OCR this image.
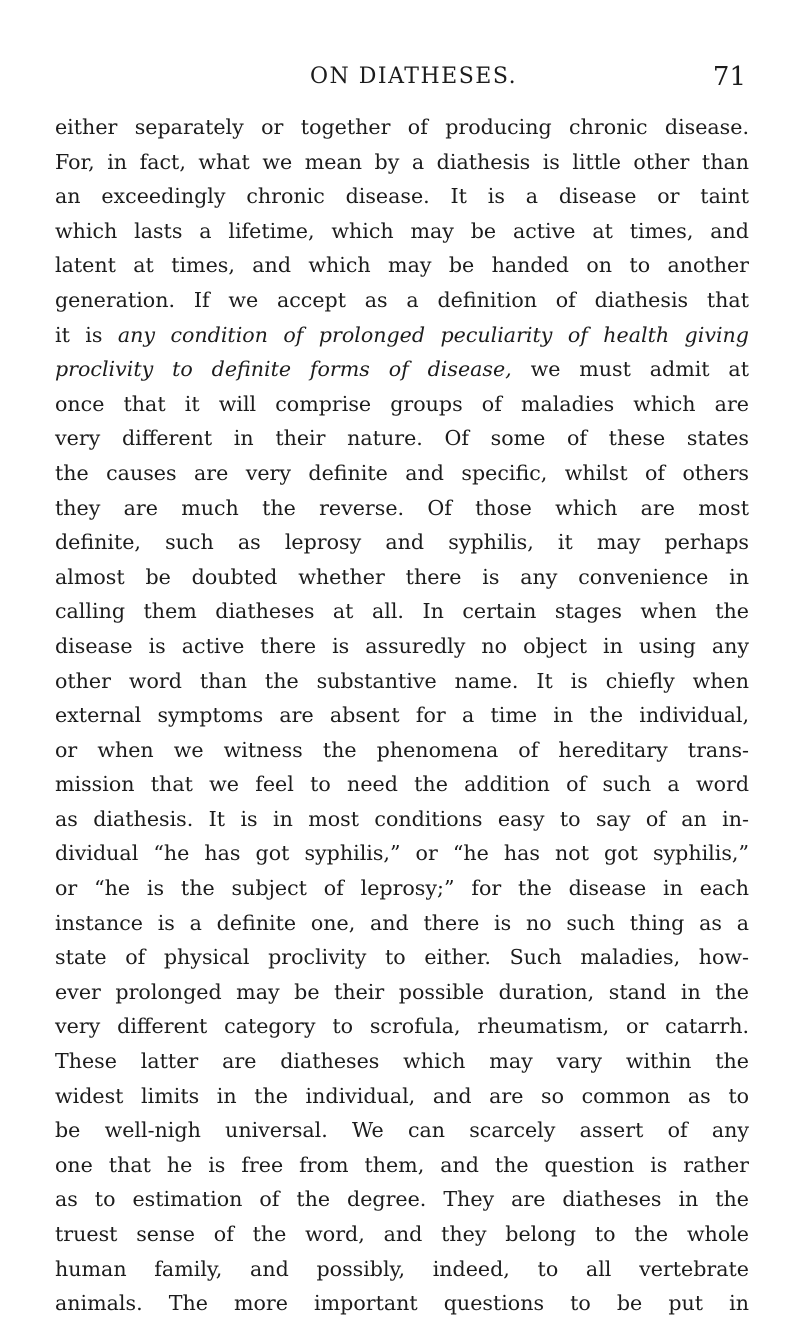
ON DIATHESES.	71
either separately or together of producing chronic disease.
For, in fact, what we mean by a diathesis is little other than
an exceedingly chronic disease. It is a disease or taint
which lasts a lifetime, which may be active at times, and
latent at times, and which may be handed on to another
generation. If we accept as a definition of diathesis that
it is any condition of prolonged peculiarity of health giving
proclivity to definite forms of disease, we must admit at
once that it will comprise groups of maladies which are
very different in their nature. Of some of these states
the causes are very definite and specific, whilst of others
they are much the reverse. Of those which are most
definite, such as leprosy and syphilis, it may perhaps
almost be doubted whether there is any convenience in
calling them diatheses at all. In certain stages when the
disease is active there is assuredly no object in using any
other word than the substantive name. It is chiefly when
external symptoms are absent for a time in the individual,
or when we witness the phenomena of hereditary trans-
mission that we feel to need the addition of such a word
as diathesis. It is in most conditions easy to say of an in-
dividual “he has got syphilis,” or “he has not got syphilis,”
or “he is the subject of leprosy;” for the disease in each
instance is a definite one, and there is no such thing as a
state of physical proclivity to either. Such maladies, how-
ever prolonged may be their possible duration, stand in the
very different category to scrofula, rheumatism, or catarrh.
These latter are diatheses which may vary within the
widest limits in the individual, and are so common as to
be well-nigh universal. We can scarcely assert of any
one that he is free from them, and the question is rather
as to estimation of the degree. They are diatheses in the
truest sense of the word, and they belong to the whole
human family, and possibly, indeed, to all vertebrate
animals. The more important questions to be put in
